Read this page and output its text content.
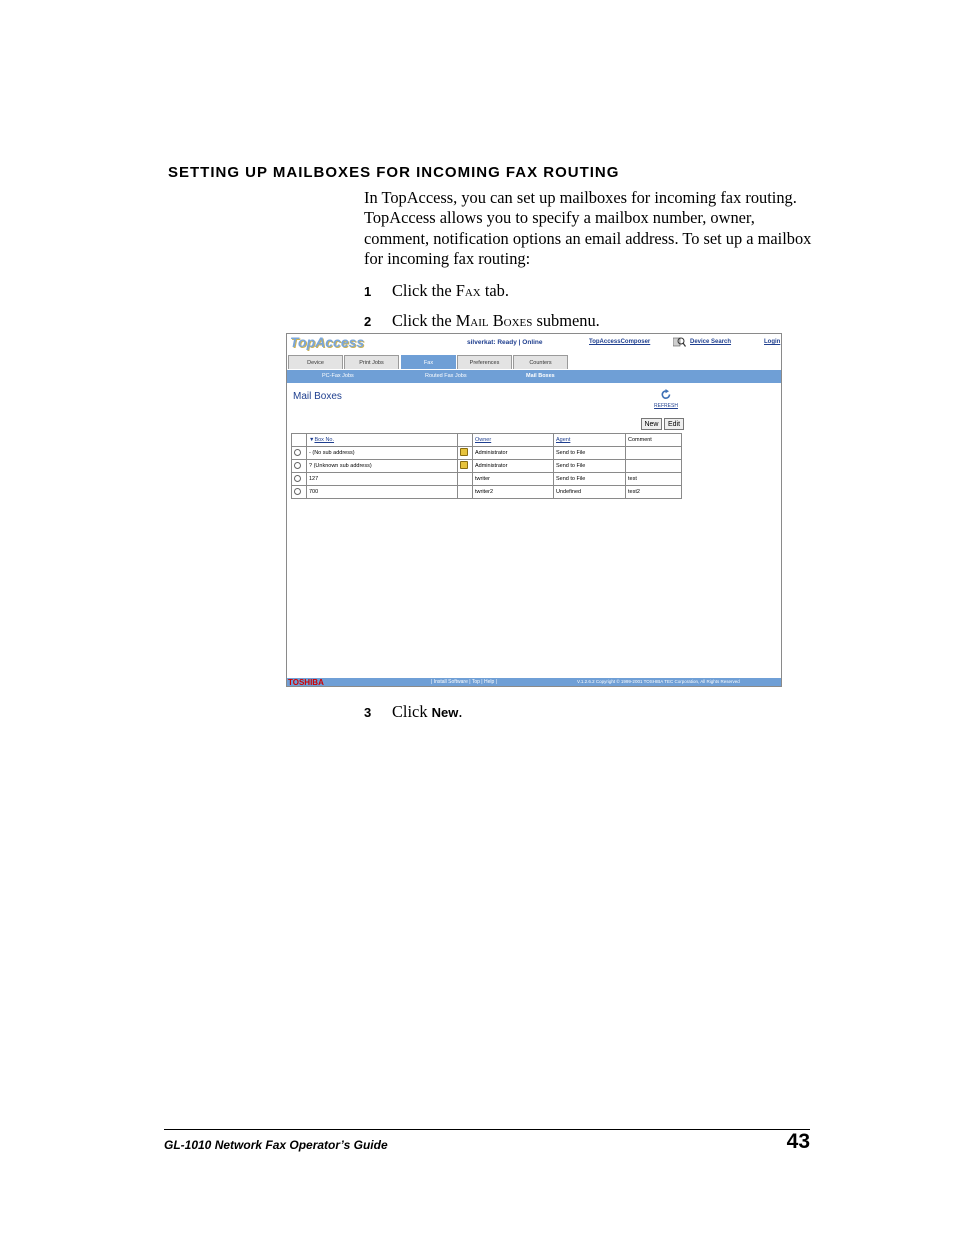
SETTING UP MAILBOXES FOR INCOMING FAX ROUTING
In TopAccess, you can set up mailboxes for incoming fax routing. TopAccess allows you to specify a mailbox number, owner, comment, notification options an email address. To set up a mailbox for incoming fax routing:
1 Click the Fax tab.
2 Click the Mail Boxes submenu.
TopAccess	silverkat: Ready | Online	TopAccessComposer	Device Search	Login
Device	Print Jobs	Fax	Preferences	Counters
PC-Fax Jobs	Routed Fax Jobs	Mail Boxes
Mail Boxes
REFRESH
New	Edit
	▼Box No.		Owner	Agent	Comment
	- (No sub address)		Administrator	Send to File	
	? (Unknown sub address)		Administrator	Send to File	
	127		twriter	Send to File	test
	700		twriter2	Undefined	test2
TOSHIBA	| Install Software | Top | Help |	V.1.2.6.2 Copyright © 1999-2001 TOSHIBA TEC Corporation, All Rights Reserved
3 Click New.
GL-1010 Network Fax Operator’s Guide	43
